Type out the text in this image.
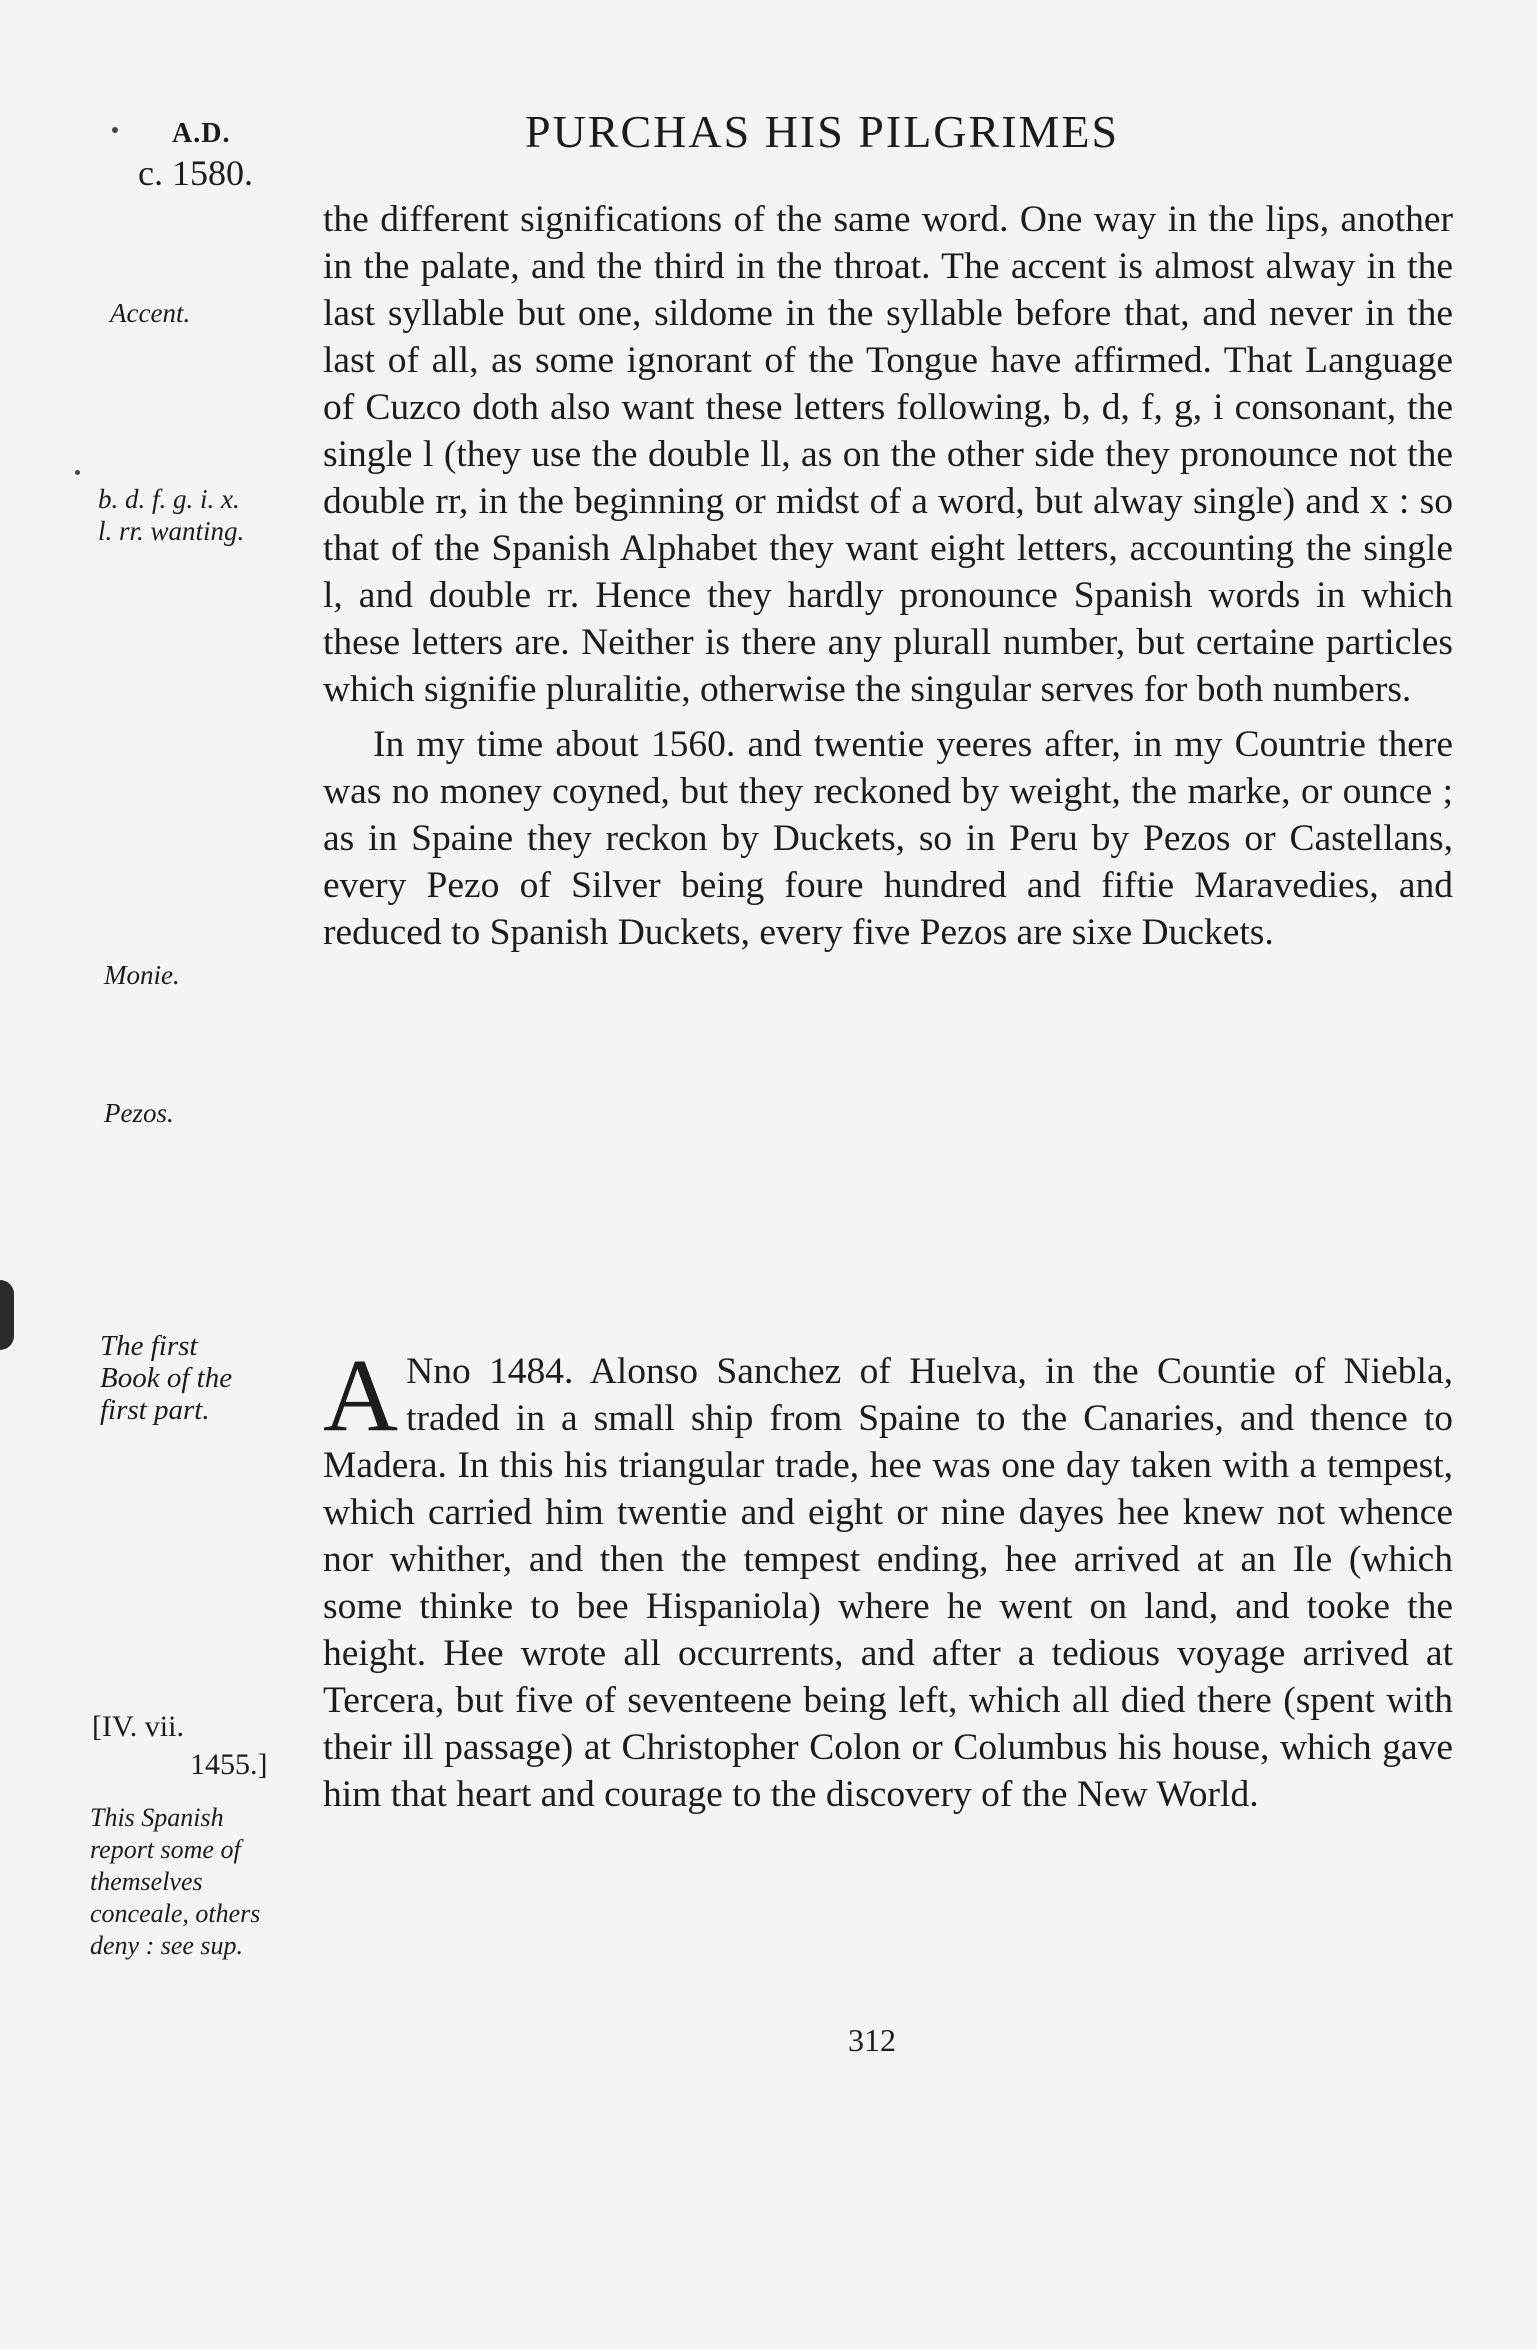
A.D.
c. 1580.
PURCHAS HIS PILGRIMES
Accent.
b. d. f. g. i. x.
l. rr. wanting.
Monie.
Pezos.
The first
Book of the
first part.
[IV. vii.
1455.]
This Spanish
report some of
themselves
conceale, others
deny : see sup.

the different significations of the same word. One way in the lips, another in the palate, and the third in the throat. The accent is almost alway in the last syllable but one, sildome in the syllable before that, and never in the last of all, as some ignorant of the Tongue have affirmed. That Language of Cuzco doth also want these letters following, b, d, f, g, i consonant, the single l (they use the double ll, as on the other side they pronounce not the double rr, in the beginning or midst of a word, but alway single) and x : so that of the Spanish Alphabet they want eight letters, accounting the single l, and double rr. Hence they hardly pronounce Spanish words in which these letters are. Neither is there any plurall number, but certaine particles which signifie pluralitie, otherwise the singular serves for both numbers.

In my time about 1560. and twentie yeeres after, in my Countrie there was no money coyned, but they reckoned by weight, the marke, or ounce ; as in Spaine they reckon by Duckets, so in Peru by Pezos or Castellans, every Pezo of Silver being foure hundred and fiftie Maravedies, and reduced to Spanish Duckets, every five Pezos are sixe Duckets.

A Nno 1484. Alonso Sanchez of Huelva, in the Countie of Niebla, traded in a small ship from Spaine to the Canaries, and thence to Madera. In this his triangular trade, hee was one day taken with a tempest, which carried him twentie and eight or nine dayes hee knew not whence nor whither, and then the tempest ending, hee arrived at an Ile (which some thinke to bee Hispaniola) where he went on land, and tooke the height. Hee wrote all occurrents, and after a tedious voyage arrived at Tercera, but five of seventeene being left, which all died there (spent with their ill passage) at Christopher Colon or Columbus his house, which gave him that heart and courage to the discovery of the New World.

312
